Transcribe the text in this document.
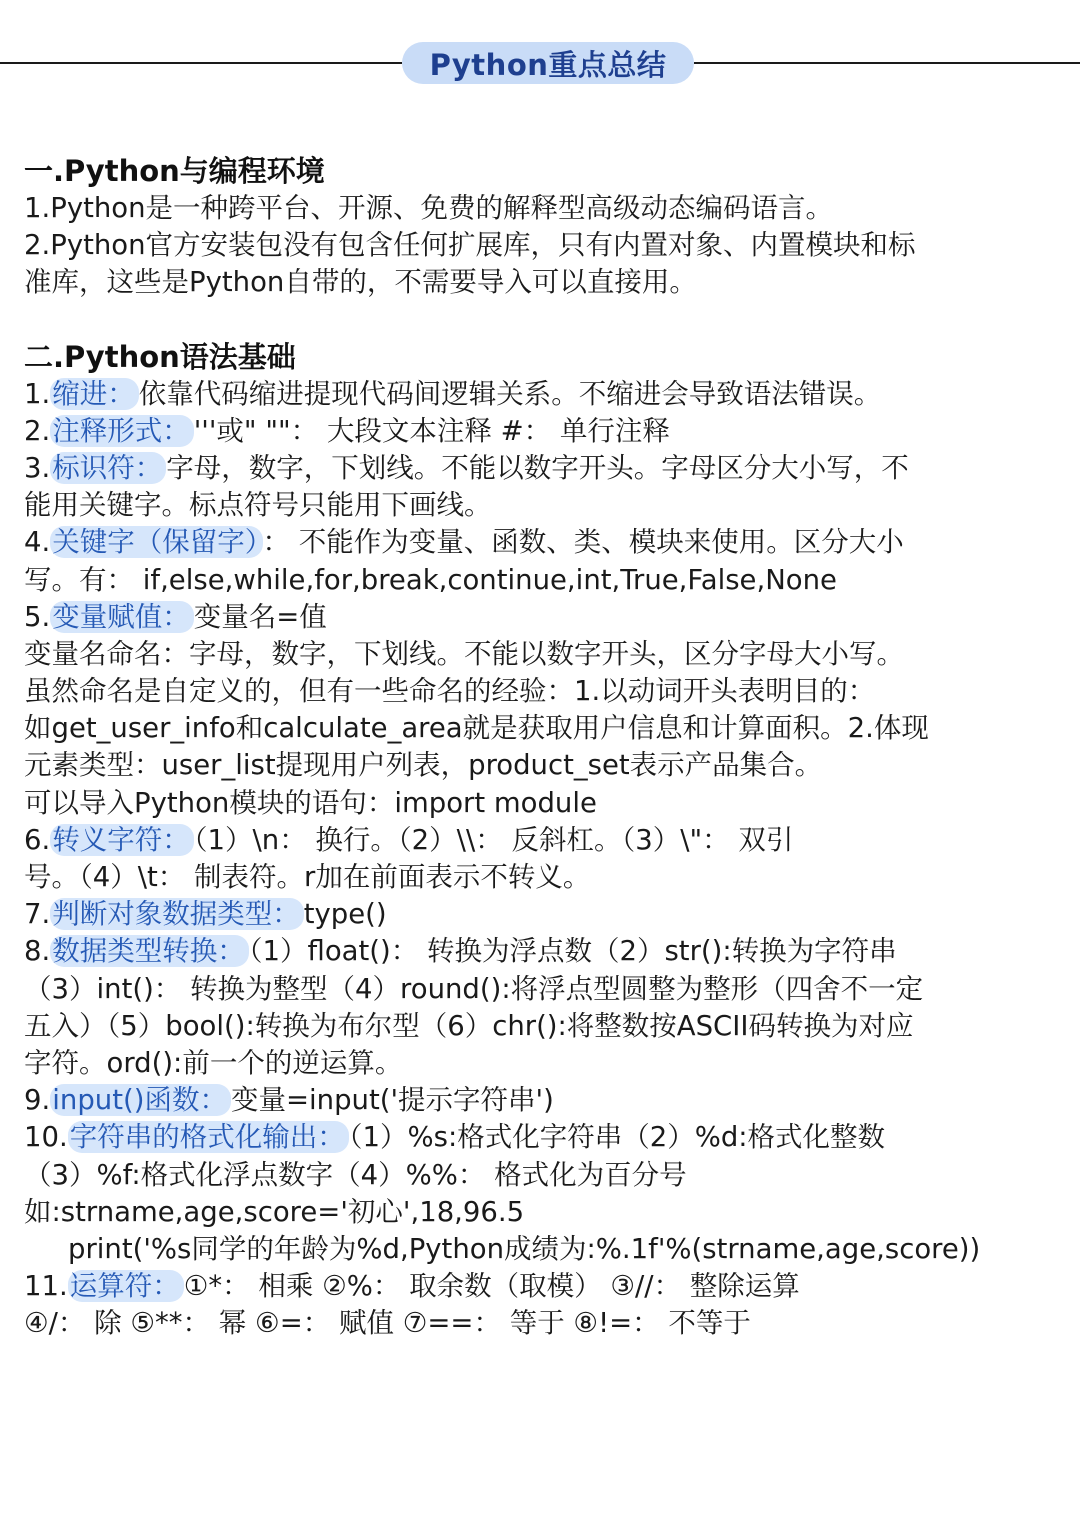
Python重点总结
一.Python与编程环境
1.Python是一种跨平台、开源、免费的解释型高级动态编码语言。
2.Python官方安装包没有包含任何扩展库，只有内置对象、内置模块和标
准库，这些是Python自带的，不需要导入可以直接用。
二.Python语法基础
1.缩进： 依靠代码缩进提现代码间逻辑关系。不缩进会导致语法错误。
2.注释形式： '''或" ""： 大段文本注释 #： 单行注释
3.标识符： 字母，数字，下划线。不能以数字开头。字母区分大小写，不
能用关键字。标点符号只能用下画线。
4.关键字（保留字） ： 不能作为变量、函数、类、模块来使用。区分大小
写。有： if,else,while,for,break,continue,int,True,False,None
5.变量赋值： 变量名=值
变量名命名：字母，数字，下划线。不能以数字开头，区分字母大小写。
虽然命名是自定义的，但有一些命名的经验：1.以动词开头表明目的：
如get_user_info和calculate_area就是获取用户信息和计算面积。2.体现
元素类型：user_list提现用户列表，product_set表示产品集合。
可以导入Python模块的语句：import module
6.转义字符： （1）\n： 换行。（2）\\： 反斜杠。（3）\"： 双引
号。（4）\t： 制表符。r加在前面表示不转义。
7.判断对象数据类型： type()
8.数据类型转换： （1）float()： 转换为浮点数（2）str():转换为字符串
（3）int()： 转换为整型（4）round():将浮点型圆整为整形（四舍不一定
五入）（5）bool():转换为布尔型（6）chr():将整数按ASCII码转换为对应
字符。ord():前一个的逆运算。
9.input()函数： 变量=input('提示字符串')
10.字符串的格式化输出： （1）%s:格式化字符串（2）%d:格式化整数
（3）%f:格式化浮点数字（4）%%： 格式化为百分号
如:strname,age,score='初心',18,96.5
print('%s同学的年龄为%d,Python成绩为:%.1f'%(strname,age,score))
11.运算符： ①*： 相乘 ②%： 取余数（取模） ③//： 整除运算
④/： 除 ⑤**： 幂 ⑥=： 赋值 ⑦==： 等于 ⑧!=： 不等于
